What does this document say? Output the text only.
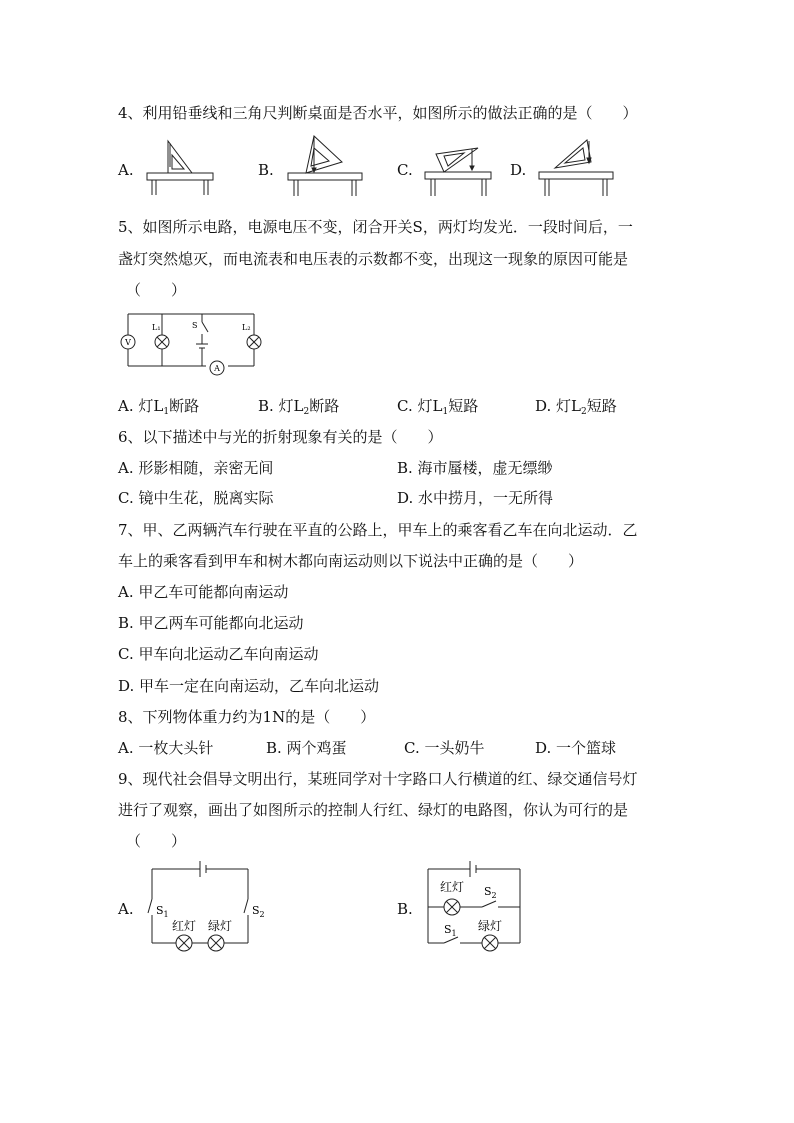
4、利用铅垂线和三角尺判断桌面是否水平，如图所示的做法正确的是（　　）
A.	B.	C.	D.
5、如图所示电路，电源电压不变，闭合开关S，两灯均发光．一段时间后，一
盏灯突然熄灭，而电流表和电压表的示数都不变，出现这一现象的原因可能是
（　　）
V
A
L₁	S	L₂
A. 灯$L_1$断路	B. 灯$L_2$断路	C. 灯$L_1$短路	D. 灯$L_2$短路
6、以下描述中与光的折射现象有关的是（　　）
A. 形影相随，亲密无间	B. 海市蜃楼，虚无缥缈
C. 镜中生花，脱离实际	D. 水中捞月，一无所得
7、甲、乙两辆汽车行驶在平直的公路上，甲车上的乘客看乙车在向北运动．乙
车上的乘客看到甲车和树木都向南运动则以下说法中正确的是（　　）
A. 甲乙车可能都向南运动
B. 甲乙两车可能都向北运动
C. 甲车向北运动乙车向南运动
D. 甲车一定在向南运动，乙车向北运动
8、下列物体重力约为1N的是（　　）
A. 一枚大头针	B. 两个鸡蛋	C. 一头奶牛	D. 一个篮球
9、现代社会倡导文明出行，某班同学对十字路口人行横道的红、绿交通信号灯
进行了观察，画出了如图所示的控制人行红、绿灯的电路图，你认为可行的是
（　　）
A. $S_1$	$S_2$
红灯 绿灯
B.
红灯 $S_2$
$S_1$
绿灯
